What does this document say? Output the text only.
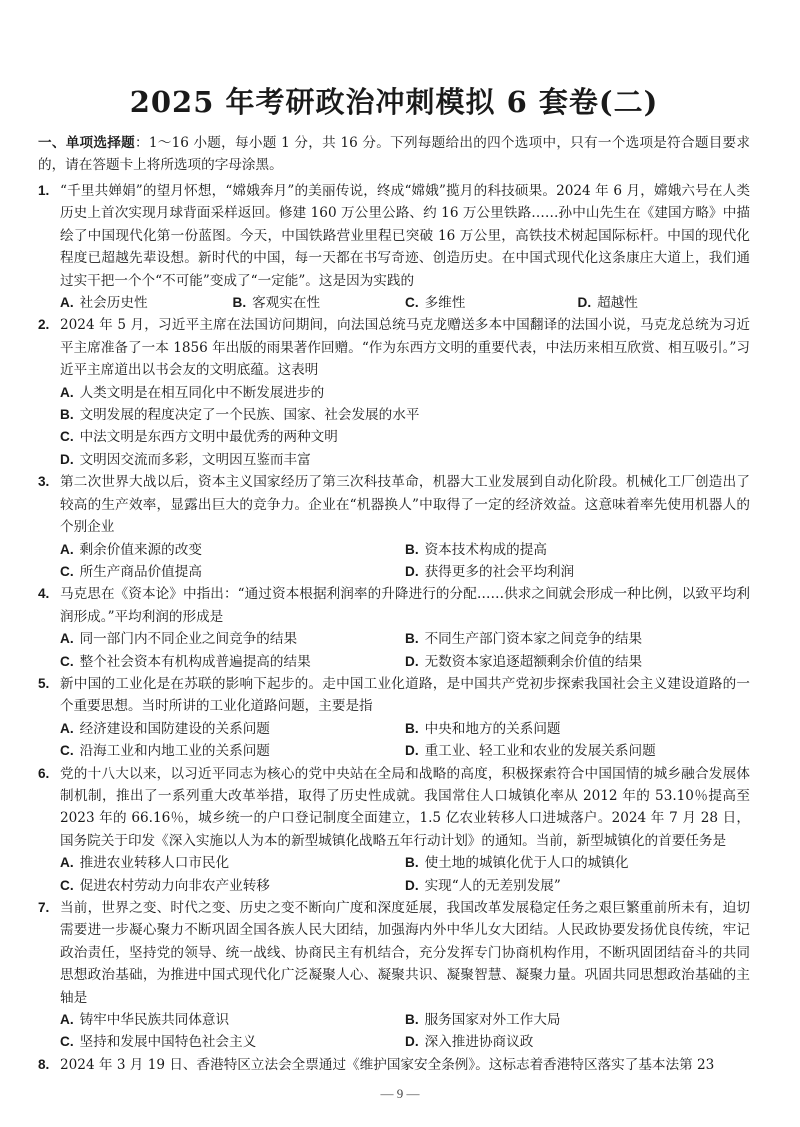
2025 年考研政治冲刺模拟 6 套卷(二)
一、单项选择题：1～16 小题，每小题 1 分，共 16 分。下列每题给出的四个选项中，只有一个选项是符合题目要求的，请在答题卡上将所选项的字母涂黑。
1. “千里共婵娟”的望月怀想，“嫦娥奔月”的美丽传说，终成“嫦娥”揽月的科技硕果。2024 年 6 月，嫦娥六号在人类历史上首次实现月球背面采样返回。修建 160 万公里公路、约 16 万公里铁路……孙中山先生在《建国方略》中描绘了中国现代化第一份蓝图。今天，中国铁路营业里程已突破 16 万公里，高铁技术树起国际标杆。中国的现代化程度已超越先辈设想。新时代的中国，每一天都在书写奇迹、创造历史。在中国式现代化这条康庄大道上，我们通过实干把一个个“不可能”变成了“一定能”。这是因为实践的
A. 社会历史性	B. 客观实在性	C. 多维性	D. 超越性
2. 2024 年 5 月，习近平主席在法国访问期间，向法国总统马克龙赠送多本中国翻译的法国小说，马克龙总统为习近平主席准备了一本 1856 年出版的雨果著作回赠。“作为东西方文明的重要代表，中法历来相互欣赏、相互吸引。”习近平主席道出以书会友的文明底蕴。这表明
A. 人类文明是在相互同化中不断发展进步的
B. 文明发展的程度决定了一个民族、国家、社会发展的水平
C. 中法文明是东西方文明中最优秀的两种文明
D. 文明因交流而多彩，文明因互鉴而丰富
3. 第二次世界大战以后，资本主义国家经历了第三次科技革命，机器大工业发展到自动化阶段。机械化工厂创造出了较高的生产效率，显露出巨大的竞争力。企业在“机器换人”中取得了一定的经济效益。这意味着率先使用机器人的个别企业
A. 剩余价值来源的改变	B. 资本技术构成的提高
C. 所生产商品价值提高	D. 获得更多的社会平均利润
4. 马克思在《资本论》中指出：“通过资本根据利润率的升降进行的分配……供求之间就会形成一种比例，以致平均利润形成。”平均利润的形成是
A. 同一部门内不同企业之间竞争的结果	B. 不同生产部门资本家之间竞争的结果
C. 整个社会资本有机构成普遍提高的结果	D. 无数资本家追逐超额剩余价值的结果
5. 新中国的工业化是在苏联的影响下起步的。走中国工业化道路，是中国共产党初步探索我国社会主义建设道路的一个重要思想。当时所讲的工业化道路问题，主要是指
A. 经济建设和国防建设的关系问题	B. 中央和地方的关系问题
C. 沿海工业和内地工业的关系问题	D. 重工业、轻工业和农业的发展关系问题
6. 党的十八大以来，以习近平同志为核心的党中央站在全局和战略的高度，积极探索符合中国国情的城乡融合发展体制机制，推出了一系列重大改革举措，取得了历史性成就。我国常住人口城镇化率从 2012 年的 53.10％提高至 2023 年的 66.16％，城乡统一的户口登记制度全面建立，1.5 亿农业转移人口进城落户。2024 年 7 月 28 日，国务院关于印发《深入实施以人为本的新型城镇化战略五年行动计划》的通知。当前，新型城镇化的首要任务是
A. 推进农业转移人口市民化	B. 使土地的城镇化优于人口的城镇化
C. 促进农村劳动力向非农产业转移	D. 实现“人的无差别发展”
7. 当前，世界之变、时代之变、历史之变不断向广度和深度延展，我国改革发展稳定任务之艰巨繁重前所未有，迫切需要进一步凝心聚力不断巩固全国各族人民大团结，加强海内外中华儿女大团结。人民政协要发扬优良传统，牢记政治责任，坚持党的领导、统一战线、协商民主有机结合，充分发挥专门协商机构作用，不断巩固团结奋斗的共同思想政治基础，为推进中国式现代化广泛凝聚人心、凝聚共识、凝聚智慧、凝聚力量。巩固共同思想政治基础的主轴是
A. 铸牢中华民族共同体意识	B. 服务国家对外工作大局
C. 坚持和发展中国特色社会主义	D. 深入推进协商议政
8. 2024 年 3 月 19 日、香港特区立法会全票通过《维护国家安全条例》。这标志着香港特区落实了基本法第 23
— 9 —
